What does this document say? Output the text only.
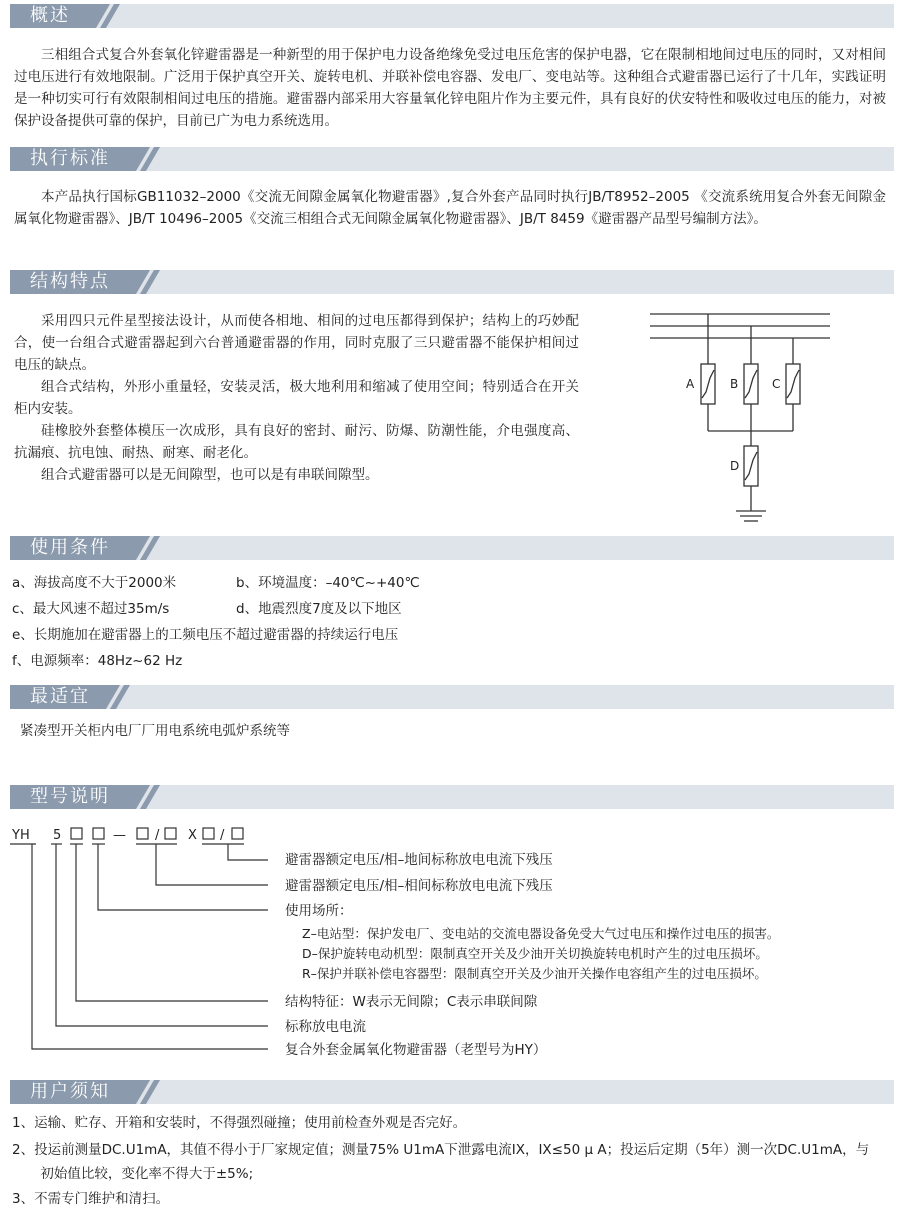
概述

三相组合式复合外套氧化锌避雷器是一种新型的用于保护电力设备绝缘免受过电压危害的保护电器，它在限制相地间过电压的同时，又对相间过电压进行有效地限制。广泛用于保护真空开关、旋转电机、并联补偿电容器、发电厂、变电站等。这种组合式避雷器已运行了十几年，实践证明是一种切实可行有效限制相间过电压的措施。避雷器内部采用大容量氧化锌电阻片作为主要元件，具有良好的伏安特性和吸收过电压的能力，对被保护设备提供可靠的保护，目前已广为电力系统选用。

执行标准

本产品执行国标GB11032–2000《交流无间隙金属氧化物避雷器》,复合外套产品同时执行JB/T8952–2005 《交流系统用复合外套无间隙金属氧化物避雷器》、JB/T 10496–2005《交流三相组合式无间隙金属氧化物避雷器》、JB/T 8459《避雷器产品型号编制方法》。

结构特点

采用四只元件星型接法设计，从而使各相地、相间的过电压都得到保护；结构上的巧妙配合，使一台组合式避雷器起到六台普通避雷器的作用，同时克服了三只避雷器不能保护相间过电压的缺点。

组合式结构，外形小重量轻，安装灵活，极大地利用和缩减了使用空间；特别适合在开关柜内安装。

硅橡胶外套整体模压一次成形，具有良好的密封、耐污、防爆、防潮性能，介电强度高、抗漏痕、抗电蚀、耐热、耐寒、耐老化。

组合式避雷器可以是无间隙型，也可以是有串联间隙型。

A	B	C
D
使用条件
a、海拔高度不大于2000米	b、环境温度：–40℃~+40℃
c、最大风速不超过35m/s	d、地震烈度7度及以下地区
e、长期施加在避雷器上的工频电压不超过避雷器的持续运行电压
f、电源频率：48Hz~62 Hz
最适宜
紧凑型开关柜内电厂厂用电系统电弧炉系统等
型号说明
YH 5	— / X /
避雷器额定电压/相–地间标称放电电流下残压
避雷器额定电压/相–相间标称放电电流下残压
使用场所：
Z–电站型：保护发电厂、变电站的交流电器设备免受大气过电压和操作过电压的损害。
D–保护旋转电动机型：限制真空开关及少油开关切换旋转电机时产生的过电压损坏。
R–保护并联补偿电容器型：限制真空开关及少油开关操作电容组产生的过电压损坏。
结构特征：W表示无间隙；C表示串联间隙
标称放电电流
复合外套金属氧化物避雷器（老型号为HY）
用户须知
1、运输、贮存、开箱和安装时，不得强烈碰撞；使用前检查外观是否完好。

2、投运前测量DC.U1mA，其值不得小于厂家规定值；测量75% U1mA下泄露电流IX，IX≤50 μ A；投运后定期（5年）测一次DC.U1mA，与初始值比较，变化率不得大于±5%;

3、不需专门维护和清扫。
